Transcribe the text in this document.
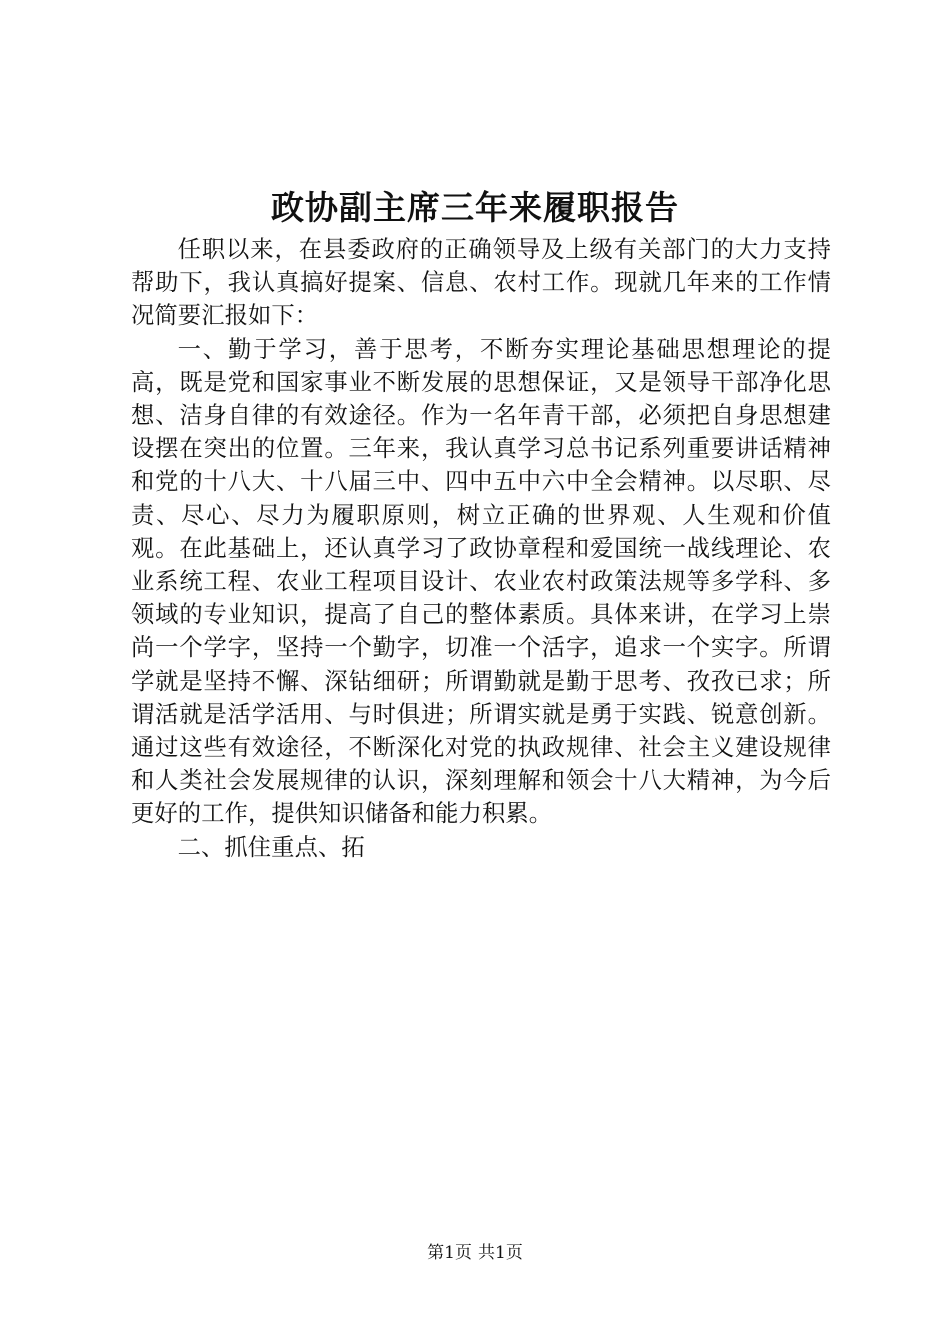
政协副主席三年来履职报告

任职以来，在县委政府的正确领导及上级有关部门的大力支持帮助下，我认真搞好提案、信息、农村工作。现就几年来的工作情况简要汇报如下：

一、勤于学习，善于思考，不断夯实理论基础思想理论的提高，既是党和国家事业不断发展的思想保证，又是领导干部净化思想、洁身自律的有效途径。作为一名年青干部，必须把自身思想建设摆在突出的位置。三年来，我认真学习总书记系列重要讲话精神和党的十八大、十八届三中、四中五中六中全会精神。以尽职、尽责、尽心、尽力为履职原则，树立正确的世界观、人生观和价值观。在此基础上，还认真学习了政协章程和爱国统一战线理论、农业系统工程、农业工程项目设计、农业农村政策法规等多学科、多领域的专业知识，提高了自己的整体素质。具体来讲，在学习上崇尚一个学字，坚持一个勤字，切准一个活字，追求一个实字。所谓学就是坚持不懈、深钻细研；所谓勤就是勤于思考、孜孜已求；所谓活就是活学活用、与时俱进；所谓实就是勇于实践、锐意创新。通过这些有效途径，不断深化对党的执政规律、社会主义建设规律和人类社会发展规律的认识，深刻理解和领会十八大精神，为今后更好的工作，提供知识储备和能力积累。

二、抓住重点、拓

第1页 共1页
